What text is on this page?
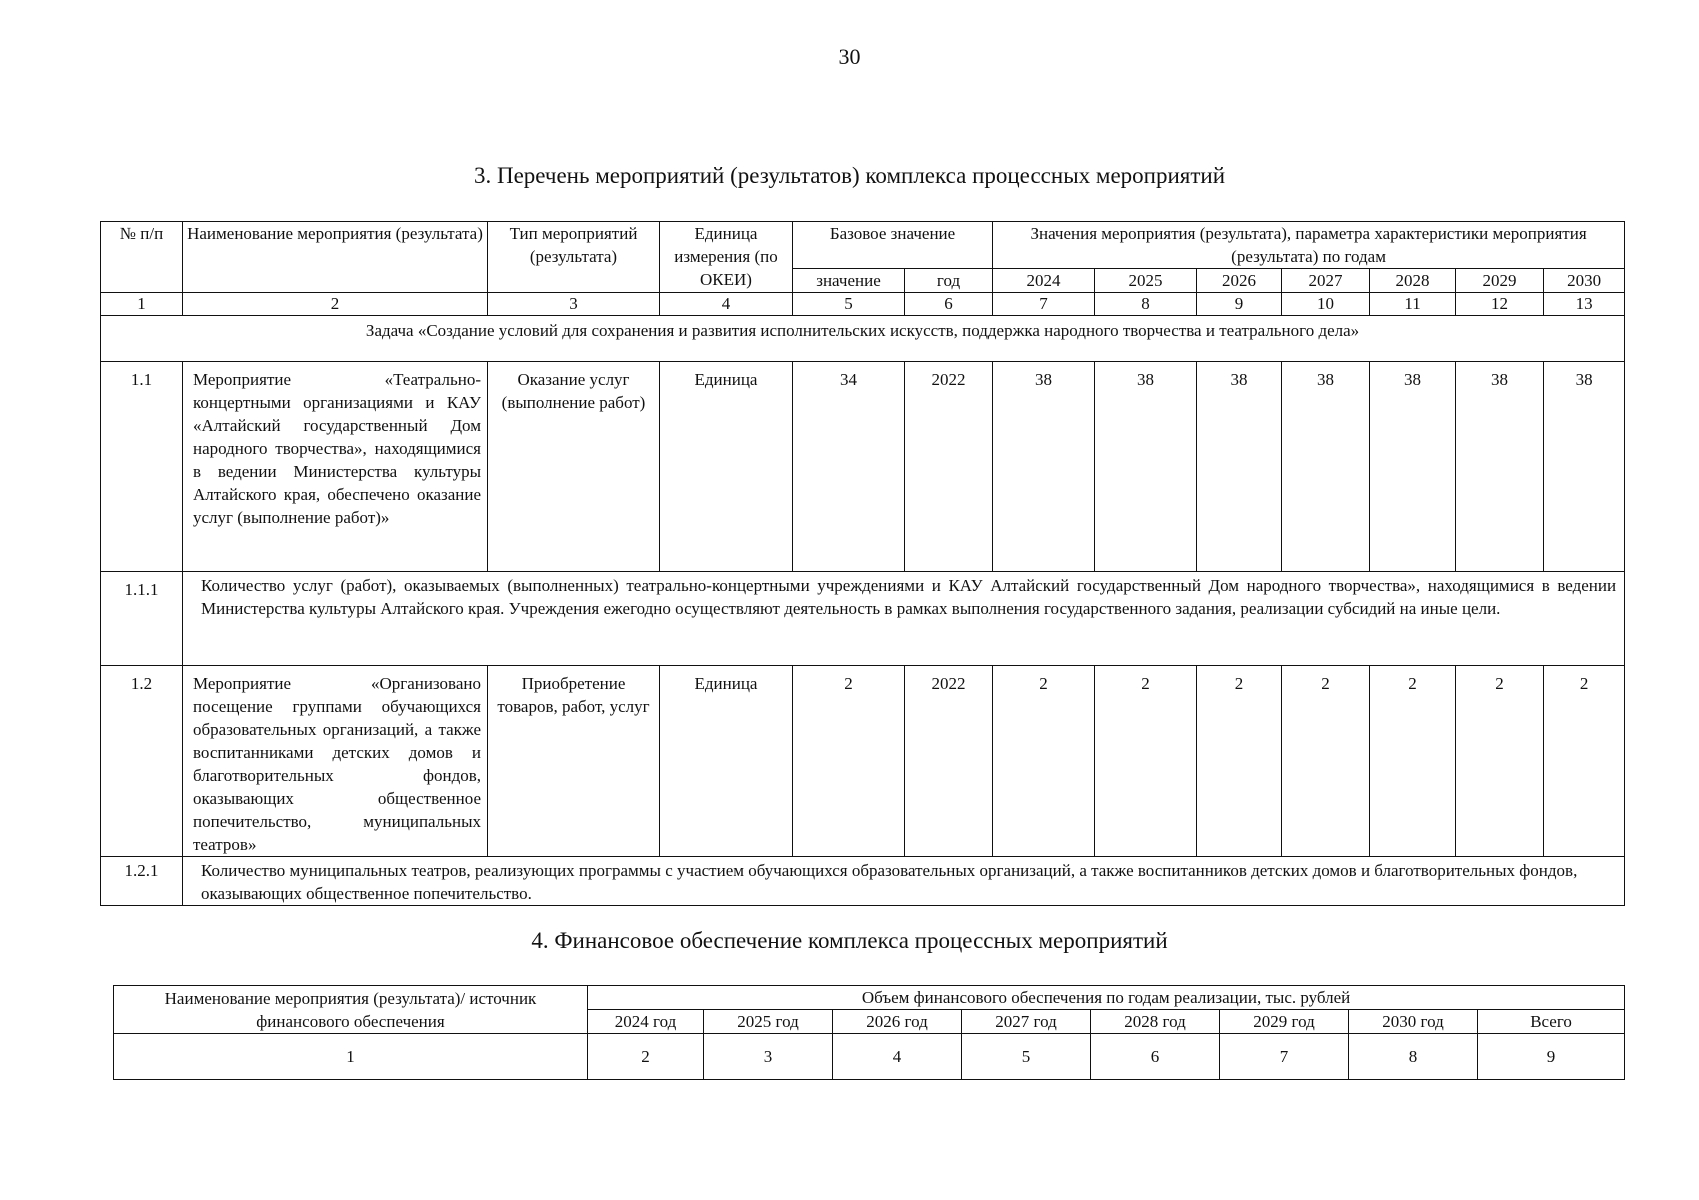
30
3. Перечень мероприятий (результатов) комплекса процессных мероприятий
№ п/п	Наименование мероприятия (результата)	Тип мероприятий (результата)	Единица измерения (по ОКЕИ)	Базовое значение		Значения мероприятия (результата), параметра характеристики мероприятия (результата) по годам						
				значение	год	2024	2025	2026	2027	2028	2029	2030
1	2	3	4	5	6	7	8	9	10	11	12	13
Задача «Создание условий для сохранения и развития исполнительских искусств, поддержка народного творчества и театрального дела»												
1.1	Мероприятие «Театрально-концертными организациями и КАУ «Алтайский государственный Дом народного творчества», находящимися в ведении Министерства культуры Алтайского края, обеспечено оказание услуг (выполнение работ)»	Оказание услуг (выполнение работ)	Единица	34	2022	38	38	38	38	38	38	38
1.1.1	Количество услуг (работ), оказываемых (выполненных) театрально-концертными учреждениями и КАУ Алтайский государственный Дом народного творчества», находящимися в ведении Министерства культуры Алтайского края. Учреждения ежегодно осуществляют деятельность в рамках выполнения государственного задания, реализации субсидий на иные цели.											
1.2	Мероприятие «Организовано посещение группами обучающихся образовательных организаций, а также воспитанниками детских домов и благотворительных фондов, оказывающих общественное попечительство, муниципальных театров»	Приобретение товаров, работ, услуг	Единица	2	2022	2	2	2	2	2	2	2
1.2.1	Количество муниципальных театров, реализующих программы с участием обучающихся образовательных организаций, а также воспитанников детских домов и благотворительных фондов, оказывающих общественное попечительство.											
4. Финансовое обеспечение комплекса процессных мероприятий
Наименование мероприятия (результата)/ источник финансового обеспечения	Объем финансового обеспечения по годам реализации, тыс. рублей							
	2024 год	2025 год	2026 год	2027 год	2028 год	2029 год	2030 год	Всего
1	2	3	4	5	6	7	8	9
